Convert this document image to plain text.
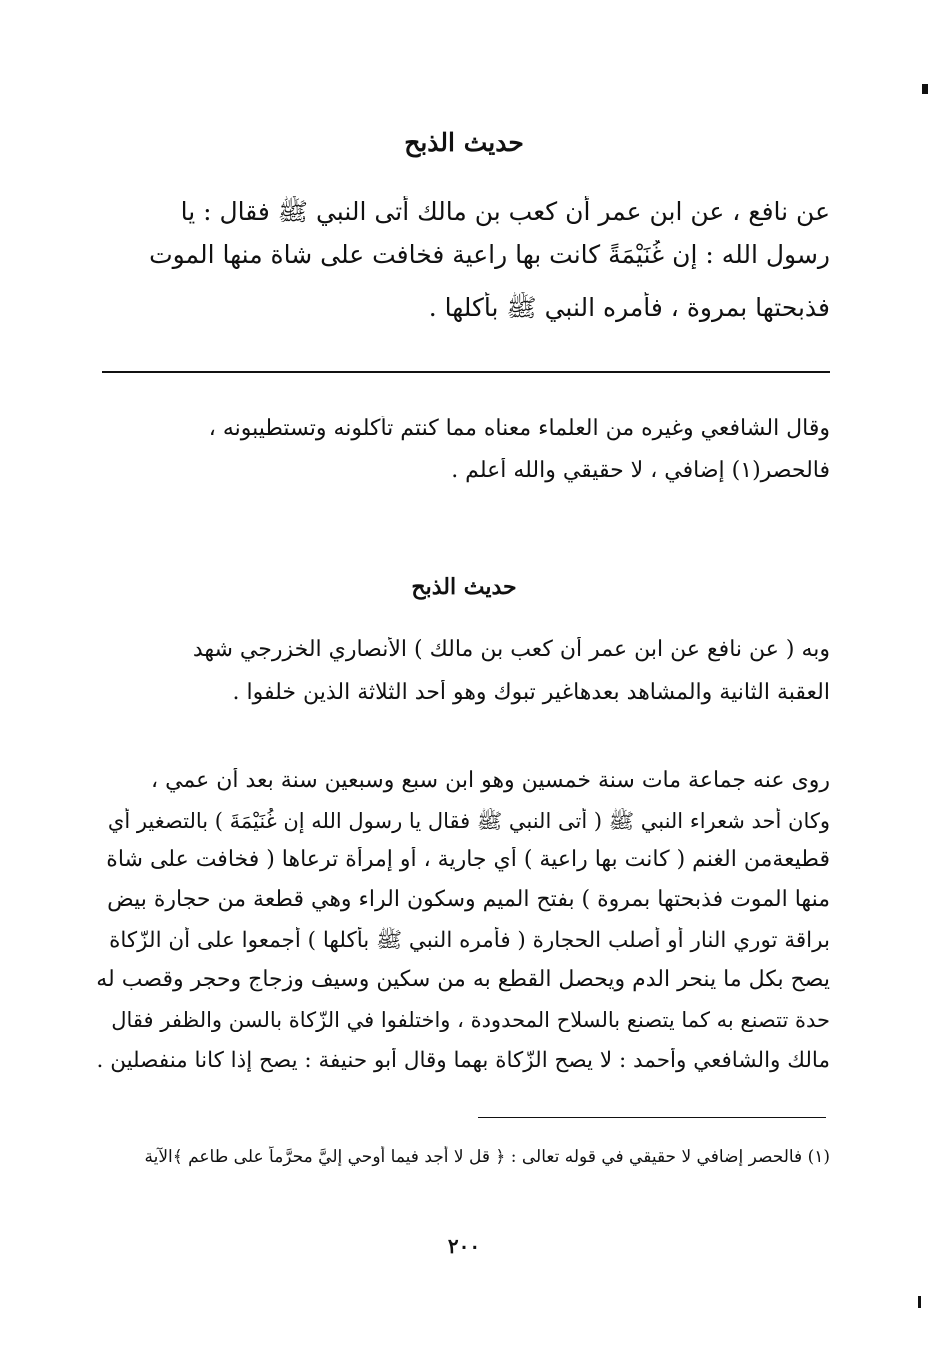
حديث الذبح
عن نافع ، عن ابن عمر أن كعب بن مالك أتى النبي ﷺ فقال : يا
رسول الله : إن غُنَيْمَةً كانت بها راعية فخافت على شاة منها الموت
فذبحتها بمروة ، فأمره النبي ﷺ بأكلها .
وقال الشافعي وغيره من العلماء معناه مما كنتم تأكلونه وتستطيبونه ،
فالحصر(١) إضافي ، لا حقيقي والله أعلم .
حديث الذبح
وبه ( عن نافع عن ابن عمر أن كعب بن مالك ) الأنصاري الخزرجي شهد
العقبة الثانية والمشاهد بعدهاغير تبوك وهو أحد الثلاثة الذين خلفوا .
روى عنه جماعة مات سنة خمسين وهو ابن سبع وسبعين سنة بعد أن عمي ،
وكان أحد شعراء النبي ﷺ ( أتى النبي ﷺ فقال يا رسول الله إن غُنَيْمَةَ ) بالتصغير أي
قطيعةمن الغنم ( كانت بها راعية ) أي جارية ، أو إمرأة ترعاها ( فخافت على شاة
منها الموت فذبحتها بمروة ) بفتح الميم وسكون الراء وهي قطعة من حجارة بيض
براقة توري النار أو أصلب الحجارة ( فأمره النبي ﷺ بأكلها ) أجمعوا على أن الزّكاة
يصح بكل ما ينحر الدم ويحصل القطع به من سكين وسيف وزجاج وحجر وقصب له
حدة تتصنع به كما يتصنع بالسلاح المحدودة ، واختلفوا في الزّكاة بالسن والظفر فقال
مالك والشافعي وأحمد : لا يصح الزّكاة بهما وقال أبو حنيفة : يصح إذا كانا منفصلين .
(١) فالحصر إضافي لا حقيقي في قوله تعالى : ﴿ قل لا أجد فيما أوحي إليَّ محرَّماً على طاعمٍ ﴾الآية
٢٠٠
